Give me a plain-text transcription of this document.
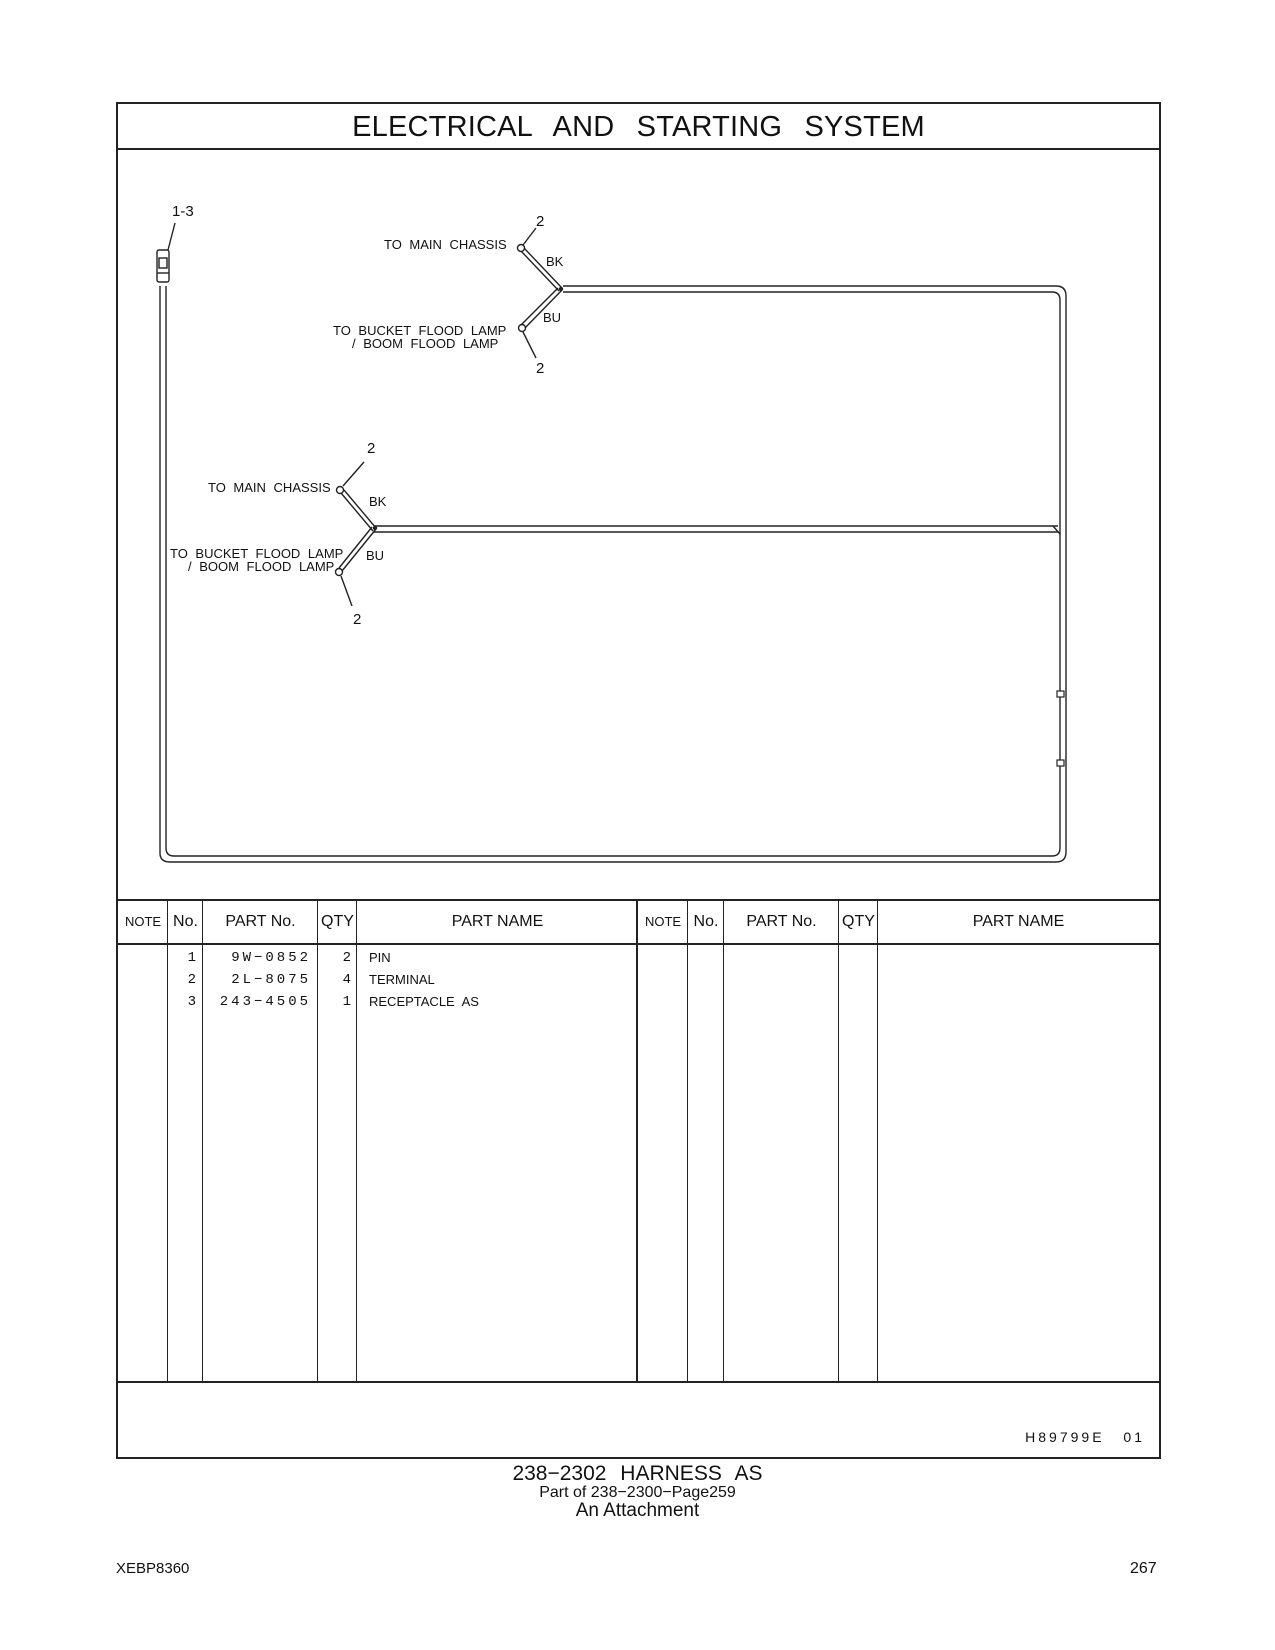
ELECTRICAL AND STARTING SYSTEM
1-3
2
TO MAIN CHASSIS
BK
BU
TO BUCKET FLOOD LAMP
/ BOOM FLOOD LAMP
2
2
TO MAIN CHASSIS
BK
BU
TO BUCKET FLOOD LAMP
/ BOOM FLOOD LAMP
2
NOTE No.	PART No.	QTY	PART NAME	NOTE No.	PART No.	QTY	PART NAME
1	9W−0852	2 PIN
2	2L−8075	4 TERMINAL
3	243−4505	1 RECEPTACLE AS
H89799E 01
238−2302 HARNESS AS
Part of 238−2300−Page259
An Attachment
XEBP8360	267
